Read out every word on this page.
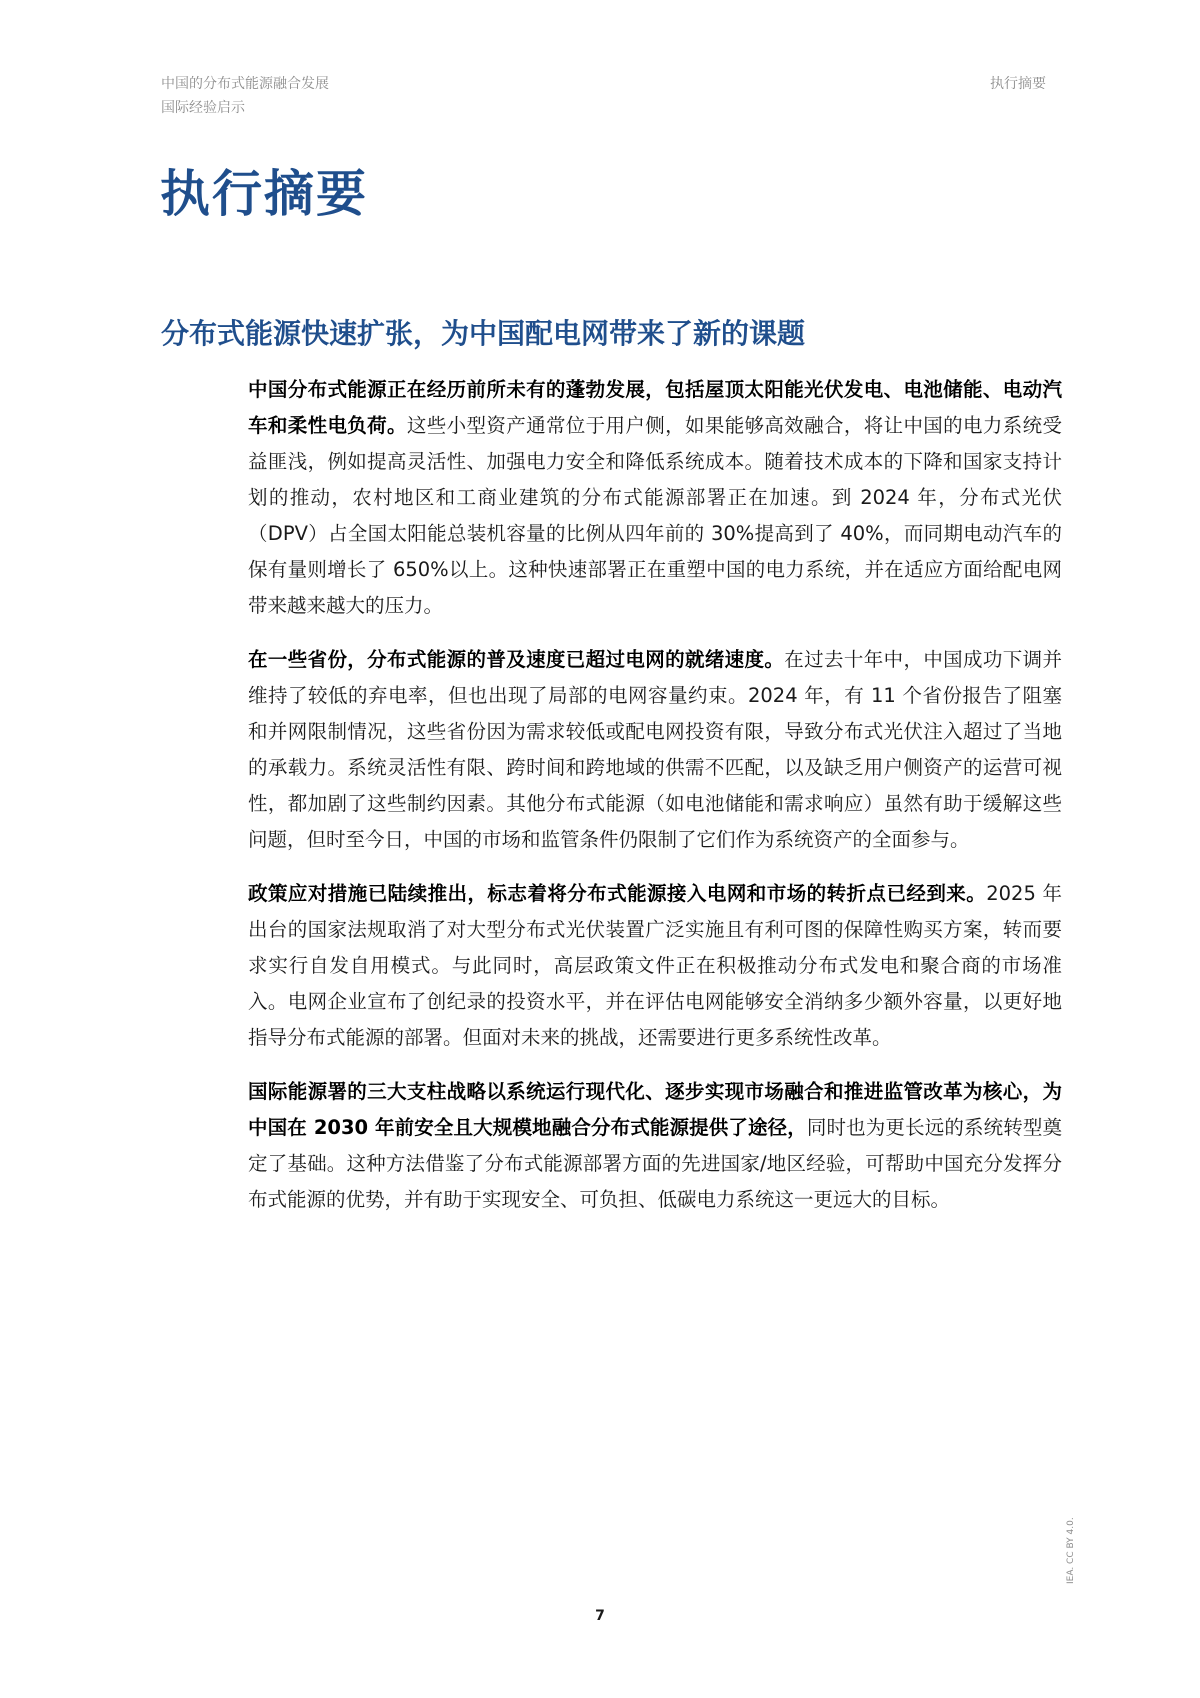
中国的分布式能源融合发展
国际经验启示
执行摘要
执行摘要
分布式能源快速扩张，为中国配电网带来了新的课题

中国分布式能源正在经历前所未有的蓬勃发展，包括屋顶太阳能光伏发电、电池储能、电动汽车和柔性电负荷。这些小型资产通常位于用户侧，如果能够高效融合，将让中国的电力系统受益匪浅，例如提高灵活性、加强电力安全和降低系统成本。随着技术成本的下降和国家支持计划的推动，农村地区和工商业建筑的分布式能源部署正在加速。到 2024 年，分布式光伏（DPV）占全国太阳能总装机容量的比例从四年前的 30%提高到了 40%，而同期电动汽车的保有量则增长了 650%以上。这种快速部署正在重塑中国的电力系统，并在适应方面给配电网带来越来越大的压力。

在一些省份，分布式能源的普及速度已超过电网的就绪速度。在过去十年中，中国成功下调并维持了较低的弃电率，但也出现了局部的电网容量约束。2024 年，有 11 个省份报告了阻塞和并网限制情况，这些省份因为需求较低或配电网投资有限，导致分布式光伏注入超过了当地的承载力。系统灵活性有限、跨时间和跨地域的供需不匹配，以及缺乏用户侧资产的运营可视性，都加剧了这些制约因素。其他分布式能源（如电池储能和需求响应）虽然有助于缓解这些问题，但时至今日，中国的市场和监管条件仍限制了它们作为系统资产的全面参与。

政策应对措施已陆续推出，标志着将分布式能源接入电网和市场的转折点已经到来。2025 年出台的国家法规取消了对大型分布式光伏装置广泛实施且有利可图的保障性购买方案，转而要求实行自发自用模式。与此同时，高层政策文件正在积极推动分布式发电和聚合商的市场准入。电网企业宣布了创纪录的投资水平，并在评估电网能够安全消纳多少额外容量，以更好地指导分布式能源的部署。但面对未来的挑战，还需要进行更多系统性改革。

国际能源署的三大支柱战略以系统运行现代化、逐步实现市场融合和推进监管改革为核心，为中国在 2030 年前安全且大规模地融合分布式能源提供了途径，同时也为更长远的系统转型奠定了基础。这种方法借鉴了分布式能源部署方面的先进国家/地区经验，可帮助中国充分发挥分布式能源的优势，并有助于实现安全、可负担、低碳电力系统这一更远大的目标。

7
IEA. CC BY 4.0.
